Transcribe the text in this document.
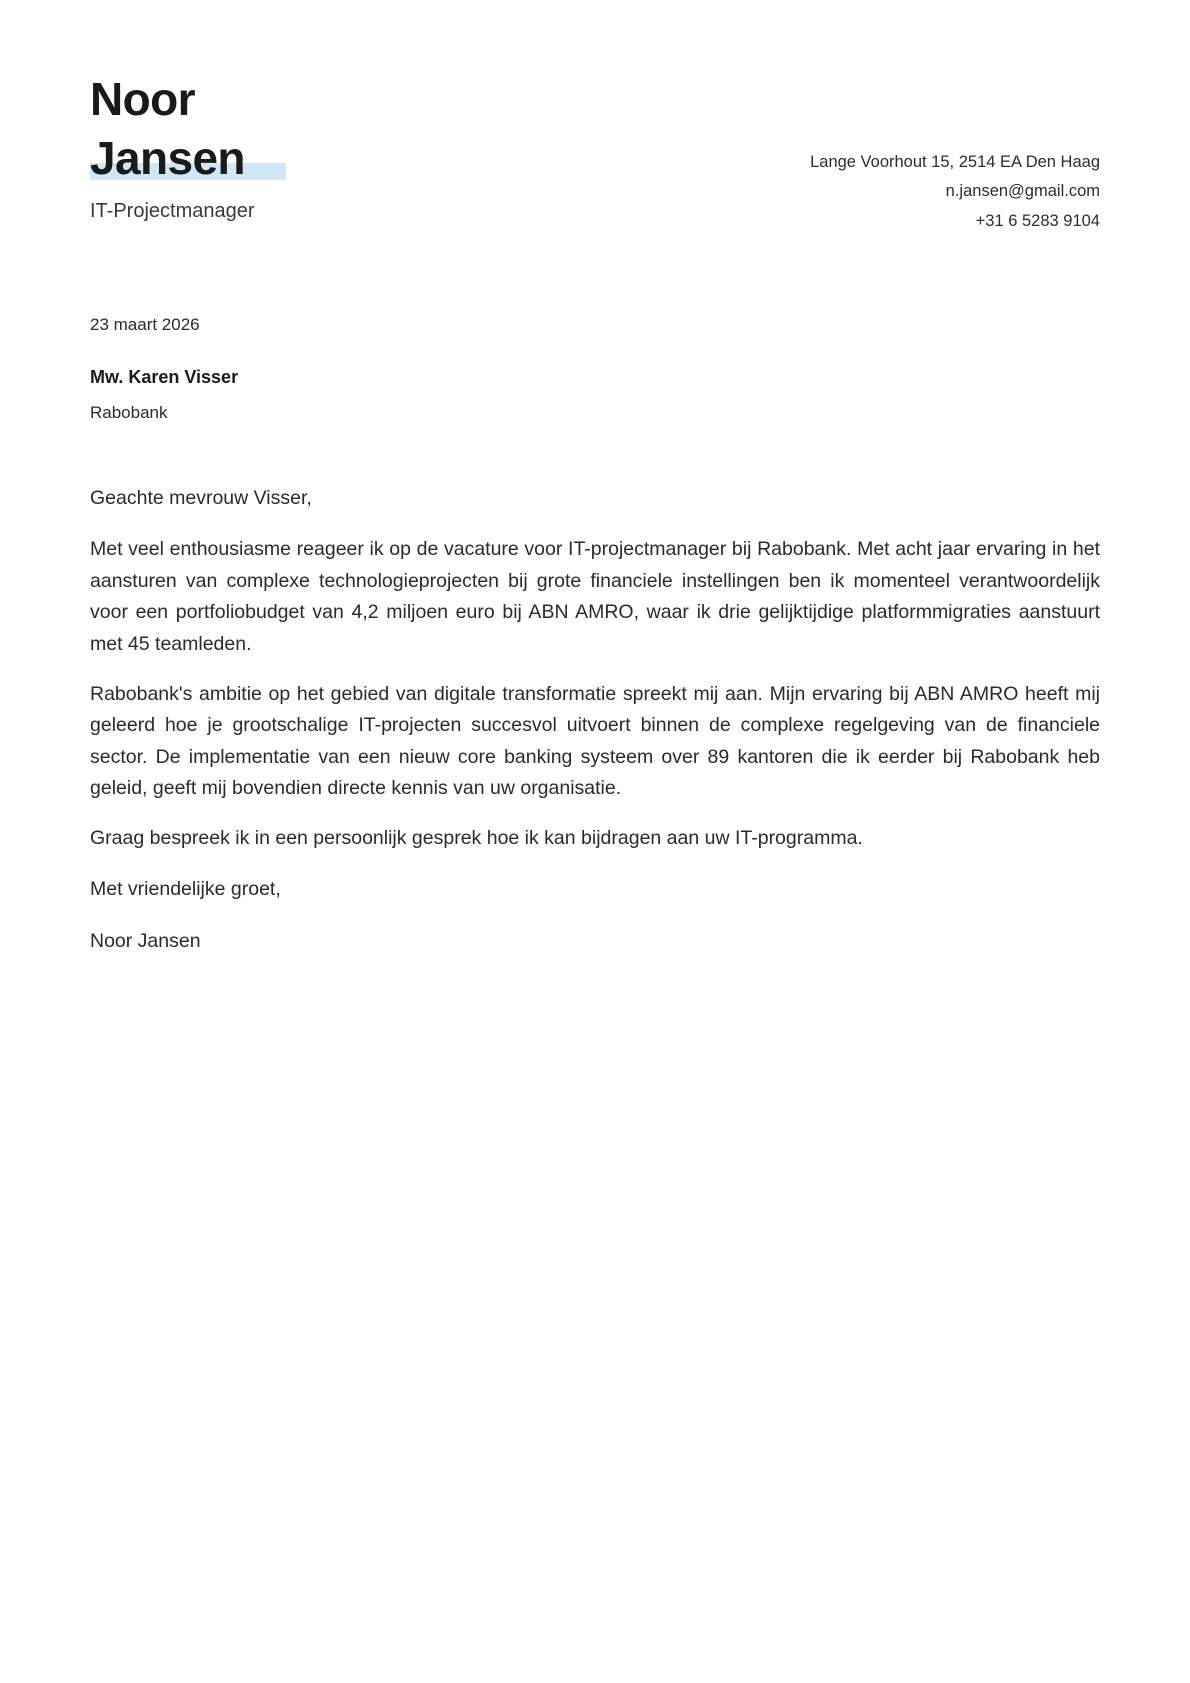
Noor
Jansen
IT-Projectmanager
Lange Voorhout 15, 2514 EA Den Haag
n.jansen@gmail.com
+31 6 5283 9104
23 maart 2026
Mw. Karen Visser
Rabobank

Geachte mevrouw Visser,

Met veel enthousiasme reageer ik op de vacature voor IT-projectmanager bij Rabobank. Met acht jaar ervaring in het aansturen van complexe technologieprojecten bij grote financiele instellingen ben ik momenteel verantwoordelijk voor een portfoliobudget van 4,2 miljoen euro bij ABN AMRO, waar ik drie gelijktijdige platformmigraties aanstuurt met 45 teamleden.

Rabobank's ambitie op het gebied van digitale transformatie spreekt mij aan. Mijn ervaring bij ABN AMRO heeft mij geleerd hoe je grootschalige IT-projecten succesvol uitvoert binnen de complexe regelgeving van de financiele sector. De implementatie van een nieuw core banking systeem over 89 kantoren die ik eerder bij Rabobank heb geleid, geeft mij bovendien directe kennis van uw organisatie.

Graag bespreek ik in een persoonlijk gesprek hoe ik kan bijdragen aan uw IT-programma.

Met vriendelijke groet,

Noor Jansen
